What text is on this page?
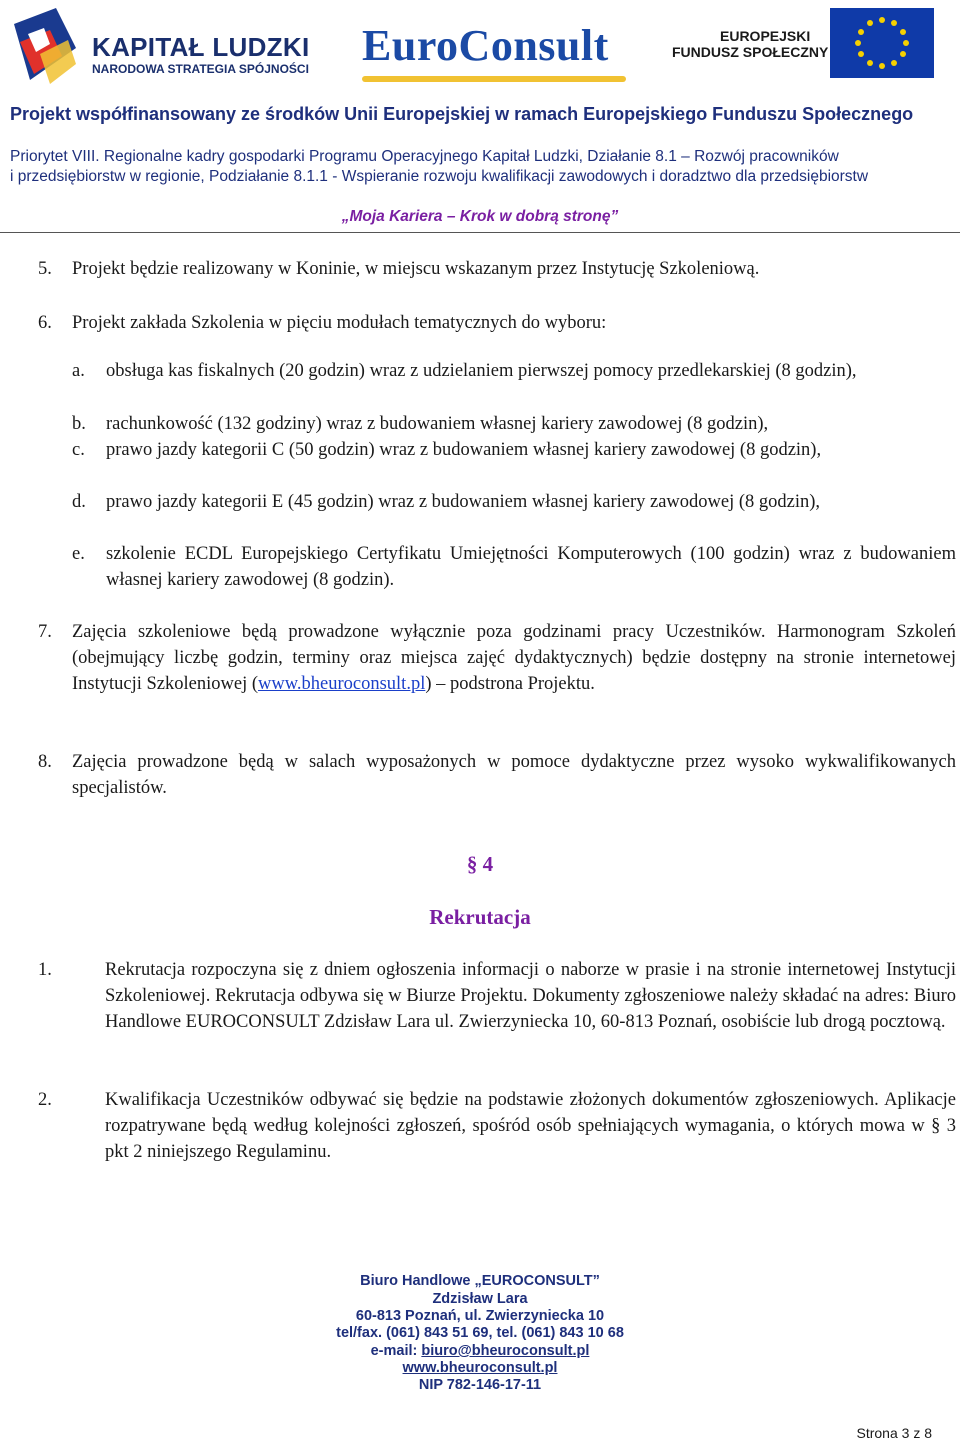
KAPITAŁ LUDZKI
NARODOWA STRATEGIA SPÓJNOŚCI EuroConsult	EUROPEJSKI
FUNDUSZ SPOŁECZNY
Projekt współfinansowany ze środków Unii Europejskiej w ramach Europejskiego Funduszu Społecznego
Priorytet VIII. Regionalne kadry gospodarki Programu Operacyjnego Kapitał Ludzki, Działanie 8.1 – Rozwój pracowników
i przedsiębiorstw w regionie, Podziałanie 8.1.1 - Wspieranie rozwoju kwalifikacji zawodowych i doradztwo dla przedsiębiorstw
„Moja Kariera – Krok w dobrą stronę”
5. Projekt będzie realizowany w Koninie, w miejscu wskazanym przez Instytucję Szkoleniową.
6. Projekt zakłada Szkolenia w pięciu modułach tematycznych do wyboru:
a. obsługa kas fiskalnych (20 godzin) wraz z udzielaniem pierwszej pomocy przedlekarskiej (8 godzin),
b. rachunkowość (132 godziny) wraz z budowaniem własnej kariery zawodowej (8 godzin),
c. prawo jazdy kategorii C (50 godzin) wraz z budowaniem własnej kariery zawodowej (8 godzin),
d. prawo jazdy kategorii E (45 godzin) wraz z budowaniem własnej kariery zawodowej (8 godzin),
e. szkolenie ECDL Europejskiego Certyfikatu Umiejętności Komputerowych (100 godzin) wraz z budowaniem własnej kariery zawodowej (8 godzin).
7. Zajęcia szkoleniowe będą prowadzone wyłącznie poza godzinami pracy Uczestników. Harmonogram Szkoleń (obejmujący liczbę godzin, terminy oraz miejsca zajęć dydaktycznych) będzie dostępny na stronie internetowej Instytucji Szkoleniowej (www.bheuroconsult.pl) – podstrona Projektu.
8. Zajęcia prowadzone będą w salach wyposażonych w pomoce dydaktyczne przez wysoko wykwalifikowanych specjalistów.
§ 4
Rekrutacja
1.	Rekrutacja rozpoczyna się z dniem ogłoszenia informacji o naborze w prasie i na stronie internetowej Instytucji Szkoleniowej. Rekrutacja odbywa się w Biurze Projektu. Dokumenty zgłoszeniowe należy składać na adres: Biuro Handlowe EUROCONSULT Zdzisław Lara ul. Zwierzyniecka 10, 60-813 Poznań, osobiście lub drogą pocztową.
2.	Kwalifikacja Uczestników odbywać się będzie na podstawie złożonych dokumentów zgłoszeniowych. Aplikacje rozpatrywane będą według kolejności zgłoszeń, spośród osób spełniających wymagania, o których mowa w § 3 pkt 2 niniejszego Regulaminu.
Biuro Handlowe „EUROCONSULT”
Zdzisław Lara
60-813 Poznań, ul. Zwierzyniecka 10
tel/fax. (061) 843 51 69, tel. (061) 843 10 68
e-mail: biuro@bheuroconsult.pl
www.bheuroconsult.pl
NIP 782-146-17-11
Strona 3 z 8
